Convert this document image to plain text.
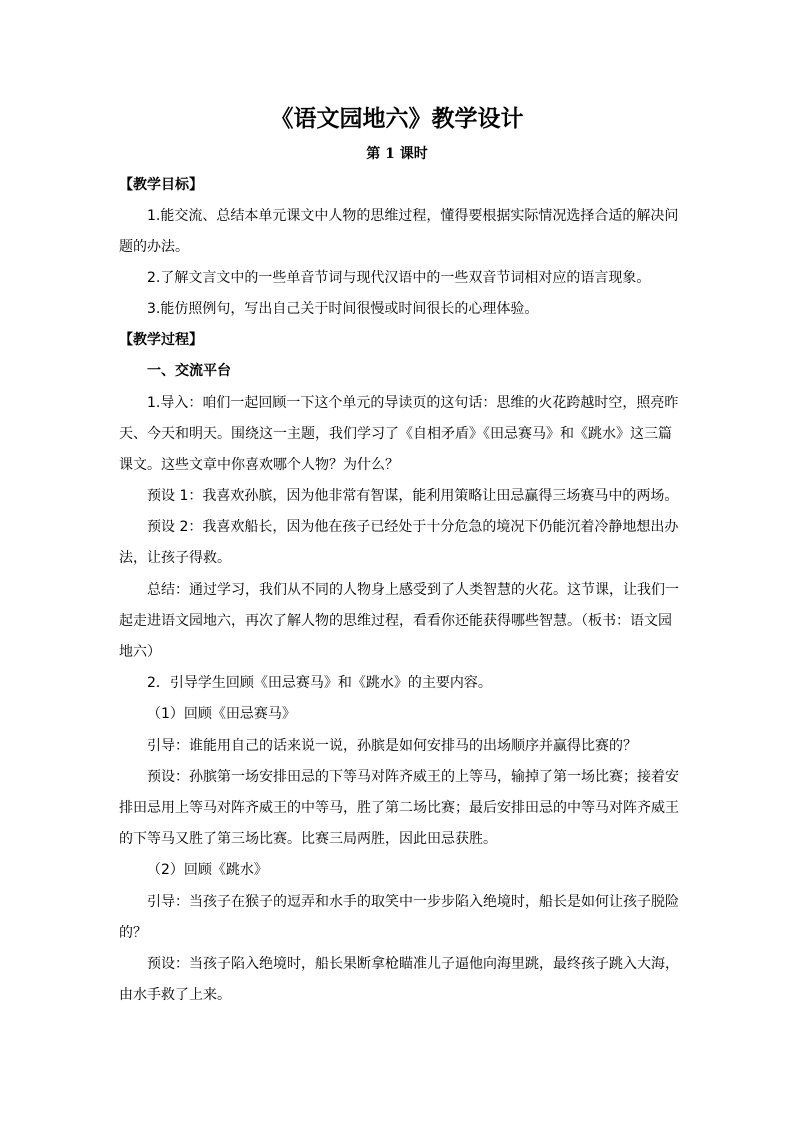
《语文园地六》教学设计
第 1 课时
【教学目标】
1.能交流、总结本单元课文中人物的思维过程，懂得要根据实际情况选择合适的解决问
题的办法。
2.了解文言文中的一些单音节词与现代汉语中的一些双音节词相对应的语言现象。
3.能仿照例句，写出自己关于时间很慢或时间很长的心理体验。
【教学过程】
一、交流平台
1.导入：咱们一起回顾一下这个单元的导读页的这句话：思维的火花跨越时空，照亮昨
天、今天和明天。围绕这一主题，我们学习了《自相矛盾》《田忌赛马》和《跳水》这三篇
课文。这些文章中你喜欢哪个人物？为什么？
预设 1：我喜欢孙膑，因为他非常有智谋，能利用策略让田忌赢得三场赛马中的两场。
预设 2：我喜欢船长，因为他在孩子已经处于十分危急的境况下仍能沉着冷静地想出办
法，让孩子得救。
总结：通过学习，我们从不同的人物身上感受到了人类智慧的火花。这节课，让我们一
起走进语文园地六，再次了解人物的思维过程，看看你还能获得哪些智慧。（板书：语文园
地六）
2．引导学生回顾《田忌赛马》和《跳水》的主要内容。
（1）回顾《田忌赛马》
引导：谁能用自己的话来说一说，孙膑是如何安排马的出场顺序并赢得比赛的？
预设：孙膑第一场安排田忌的下等马对阵齐威王的上等马，输掉了第一场比赛；接着安
排田忌用上等马对阵齐威王的中等马，胜了第二场比赛；最后安排田忌的中等马对阵齐威王
的下等马又胜了第三场比赛。比赛三局两胜，因此田忌获胜。
（2）回顾《跳水》
引导：当孩子在猴子的逗弄和水手的取笑中一步步陷入绝境时，船长是如何让孩子脱险
的？
预设：当孩子陷入绝境时，船长果断拿枪瞄准儿子逼他向海里跳，最终孩子跳入大海，
由水手救了上来。
